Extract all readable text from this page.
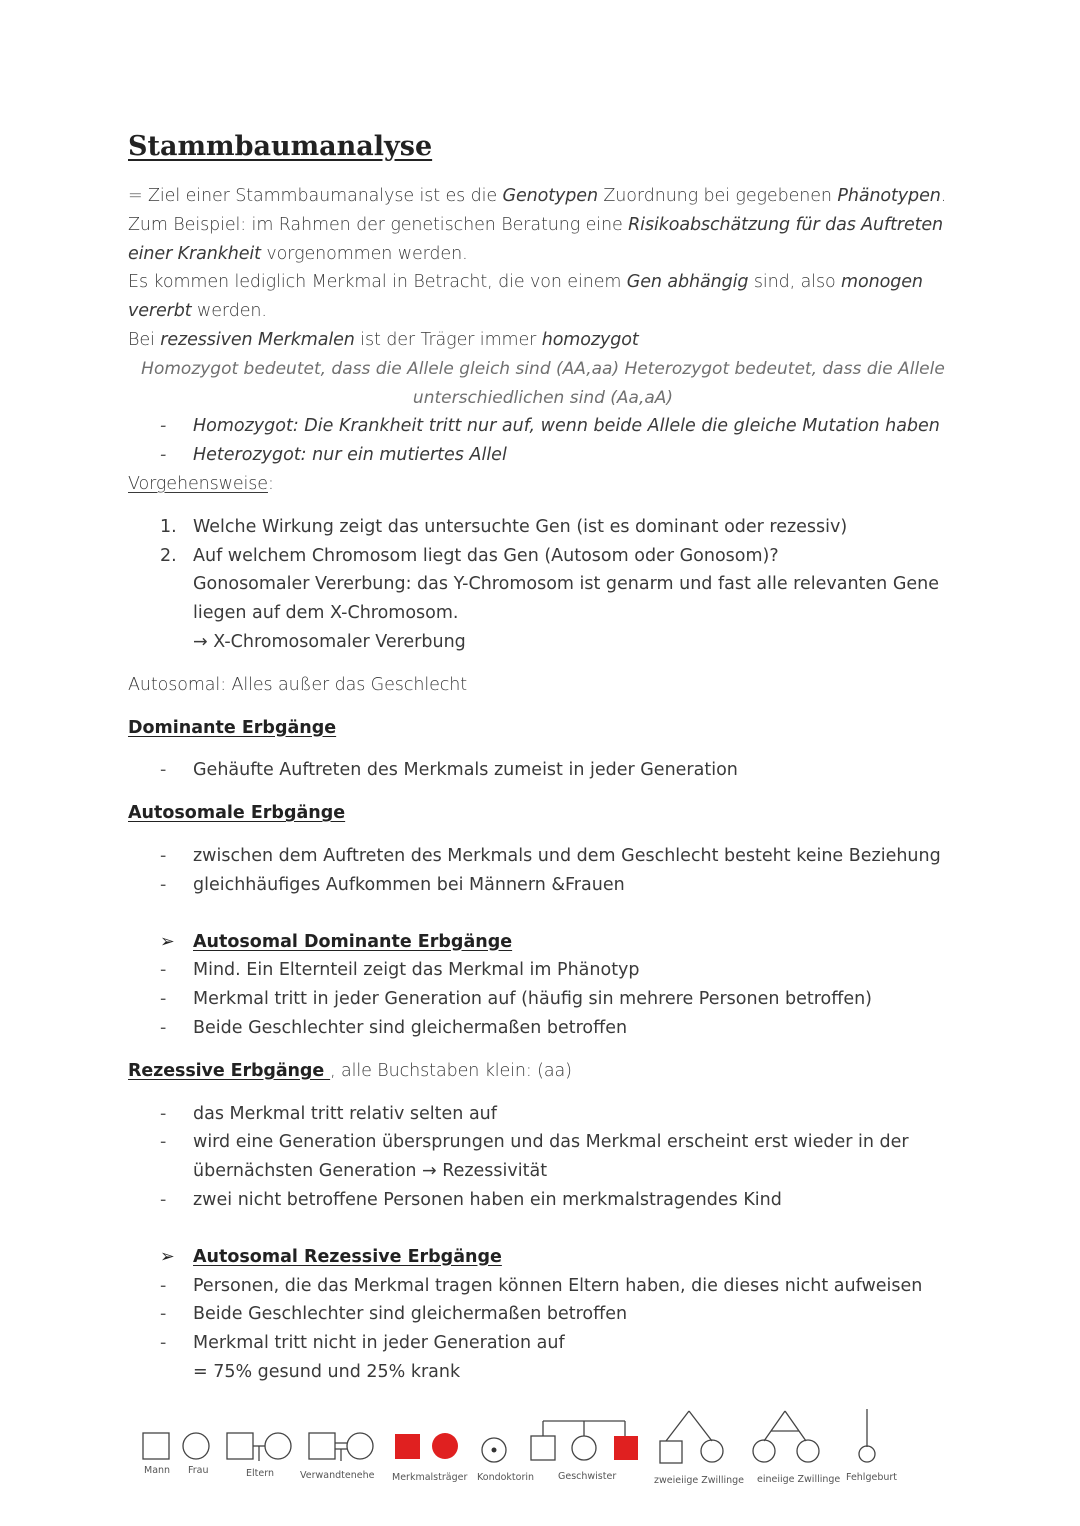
Stammbaumanalyse

= Ziel einer Stammbaumanalyse ist es die Genotypen Zuordnung bei gegebenen Phänotypen.

Zum Beispiel: im Rahmen der genetischen Beratung eine Risikoabschätzung für das Auftreten

einer Krankheit vorgenommen werden.

Es kommen lediglich Merkmal in Betracht, die von einem Gen abhängig sind, also monogen

vererbt werden.

Bei rezessiven Merkmalen ist der Träger immer homozygot

Homozygot bedeutet, dass die Allele gleich sind (AA,aa) Heterozygot bedeutet, dass die Allele
unterschiedlichen sind (Aa,aA)
- Homozygot: Die Krankheit tritt nur auf, wenn beide Allele die gleiche Mutation haben
- Heterozygot: nur ein mutiertes Allel

Vorgehensweise:

1. Welche Wirkung zeigt das untersuchte Gen (ist es dominant oder rezessiv)
2. Auf welchem Chromosom liegt das Gen (Autosom oder Gonosom)?
Gonosomaler Vererbung: das Y-Chromosom ist genarm und fast alle relevanten Gene
liegen auf dem X-Chromosom.
→ X-Chromosomaler Vererbung

Autosomal: Alles außer das Geschlecht

Dominante Erbgänge
- Gehäufte Auftreten des Merkmals zumeist in jeder Generation
Autosomale Erbgänge
- zwischen dem Auftreten des Merkmals und dem Geschlecht besteht keine Beziehung
- gleichhäufiges Aufkommen bei Männern &Frauen
➢ Autosomal Dominante Erbgänge
- Mind. Ein Elternteil zeigt das Merkmal im Phänotyp
- Merkmal tritt in jeder Generation auf (häufig sin mehrere Personen betroffen)
- Beide Geschlechter sind gleichermaßen betroffen

Rezessive Erbgänge , alle Buchstaben klein: (aa)

- das Merkmal tritt relativ selten auf
- wird eine Generation übersprungen und das Merkmal erscheint erst wieder in der
übernächsten Generation → Rezessivität
- zwei nicht betroffene Personen haben ein merkmalstragendes Kind
➢ Autosomal Rezessive Erbgänge
- Personen, die das Merkmal tragen können Eltern haben, die dieses nicht aufweisen
- Beide Geschlechter sind gleichermaßen betroffen
- Merkmal tritt nicht in jeder Generation auf
= 75% gesund und 25% krank
Mann Frau	Eltern	Verwandtenehe Merkmalsträger Kondoktorin	Geschwister	zweieiige Zwillinge eineiige Zwillinge Fehlgeburt
